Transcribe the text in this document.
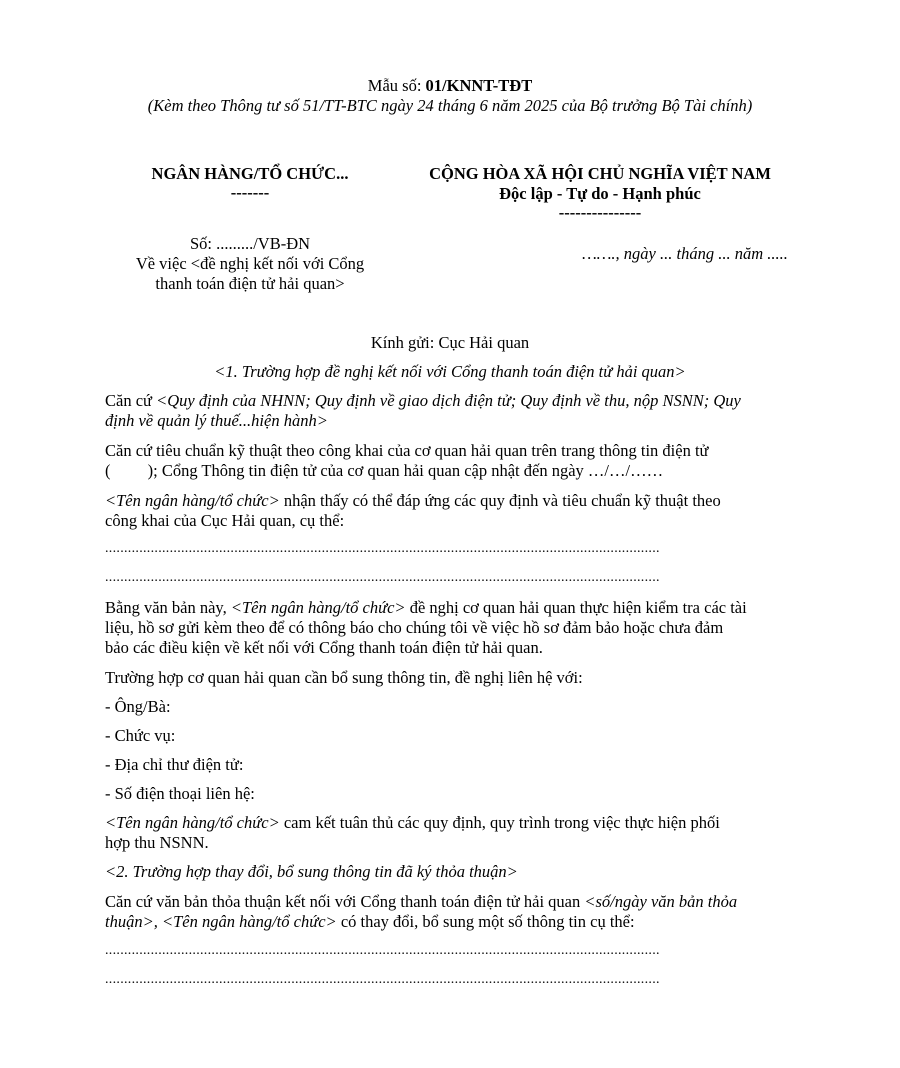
Mẫu số: 01/KNNT-TĐT
(Kèm theo Thông tư số 51/TT-BTC ngày 24 tháng 6 năm 2025 của Bộ trưởng Bộ Tài chính)
NGÂN HÀNG/TỔ CHỨC...
-------
Số: ........./VB-ĐN
Về việc <đề nghị kết nối với Cổng
thanh toán điện tử hải quan>
CỘNG HÒA XÃ HỘI CHỦ NGHĨA VIỆT NAM
Độc lập - Tự do - Hạnh phúc
---------------
……., ngày ... tháng ... năm .....
Kính gửi: Cục Hải quan
<1. Trường hợp đề nghị kết nối với Cổng thanh toán điện tử hải quan>
Căn cứ <Quy định của NHNN; Quy định về giao dịch điện tử; Quy định về thu, nộp NSNN; Quy
định về quản lý thuế...hiện hành>
Căn cứ tiêu chuẩn kỹ thuật theo công khai của cơ quan hải quan trên trang thông tin điện tử
(         ); Cổng Thông tin điện tử của cơ quan hải quan cập nhật đến ngày …/…/……
<Tên ngân hàng/tổ chức> nhận thấy có thể đáp ứng các quy định và tiêu chuẩn kỹ thuật theo
công khai của Cục Hải quan, cụ thể:
..................................................................................................................................................
..................................................................................................................................................
Bằng văn bản này, <Tên ngân hàng/tổ chức> đề nghị cơ quan hải quan thực hiện kiểm tra các tài
liệu, hồ sơ gửi kèm theo để có thông báo cho chúng tôi về việc hồ sơ đảm bảo hoặc chưa đảm
bảo các điều kiện về kết nối với Cổng thanh toán điện tử hải quan.
Trường hợp cơ quan hải quan cần bổ sung thông tin, đề nghị liên hệ với:
- Ông/Bà:
- Chức vụ:
- Địa chỉ thư điện tử:
- Số điện thoại liên hệ:
<Tên ngân hàng/tổ chức> cam kết tuân thủ các quy định, quy trình trong việc thực hiện phối
hợp thu NSNN.
<2. Trường hợp thay đổi, bổ sung thông tin đã ký thỏa thuận>
Căn cứ văn bản thỏa thuận kết nối với Cổng thanh toán điện tử hải quan <số/ngày văn bản thỏa
thuận>, <Tên ngân hàng/tổ chức> có thay đổi, bổ sung một số thông tin cụ thể:
..................................................................................................................................................
..................................................................................................................................................
